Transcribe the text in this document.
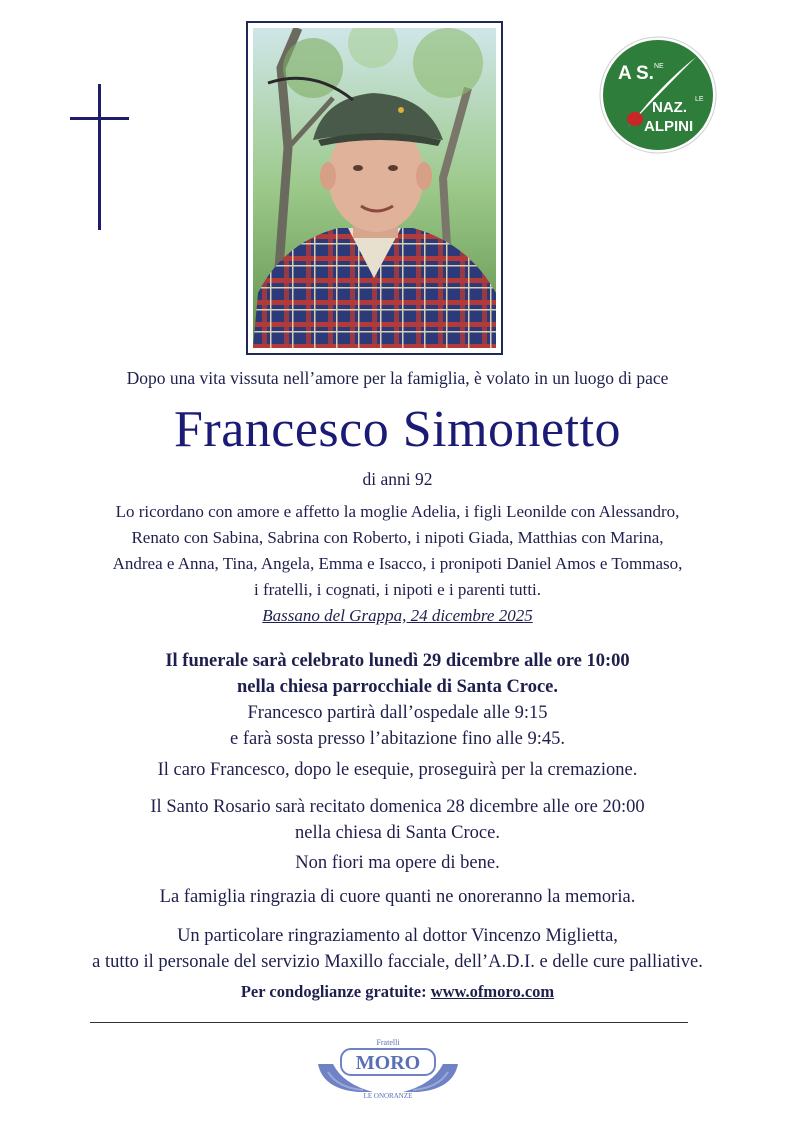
A S. NE
NAZ. LE
ALPINI
Dopo una vita vissuta nell’amore per la famiglia, è volato in un luogo di pace
Francesco Simonetto
di anni 92
Lo ricordano con amore e affetto la moglie Adelia, i figli Leonilde con Alessandro,
Renato con Sabina, Sabrina con Roberto, i nipoti Giada, Matthias con Marina,
Andrea e Anna, Tina, Angela, Emma e Isacco, i pronipoti Daniel Amos e Tommaso,
i fratelli, i cognati, i nipoti e i parenti tutti.
Bassano del Grappa, 24 dicembre 2025
Il funerale sarà celebrato lunedì 29 dicembre alle ore 10:00
nella chiesa parrocchiale di Santa Croce.
Francesco partirà dall’ospedale alle 9:15
e farà sosta presso l’abitazione fino alle 9:45.
Il caro Francesco, dopo le esequie, proseguirà per la cremazione.
Il Santo Rosario sarà recitato domenica 28 dicembre alle ore 20:00
nella chiesa di Santa Croce.
Non fiori ma opere di bene.
La famiglia ringrazia di cuore quanti ne onoreranno la memoria.
Un particolare ringraziamento al dottor Vincenzo Miglietta,
a tutto il personale del servizio Maxillo facciale, dell’A.D.I. e delle cure palliative.
Per condoglianze gratuite: www.ofmoro.com
Fratelli
MORO
LE ONORANZE
